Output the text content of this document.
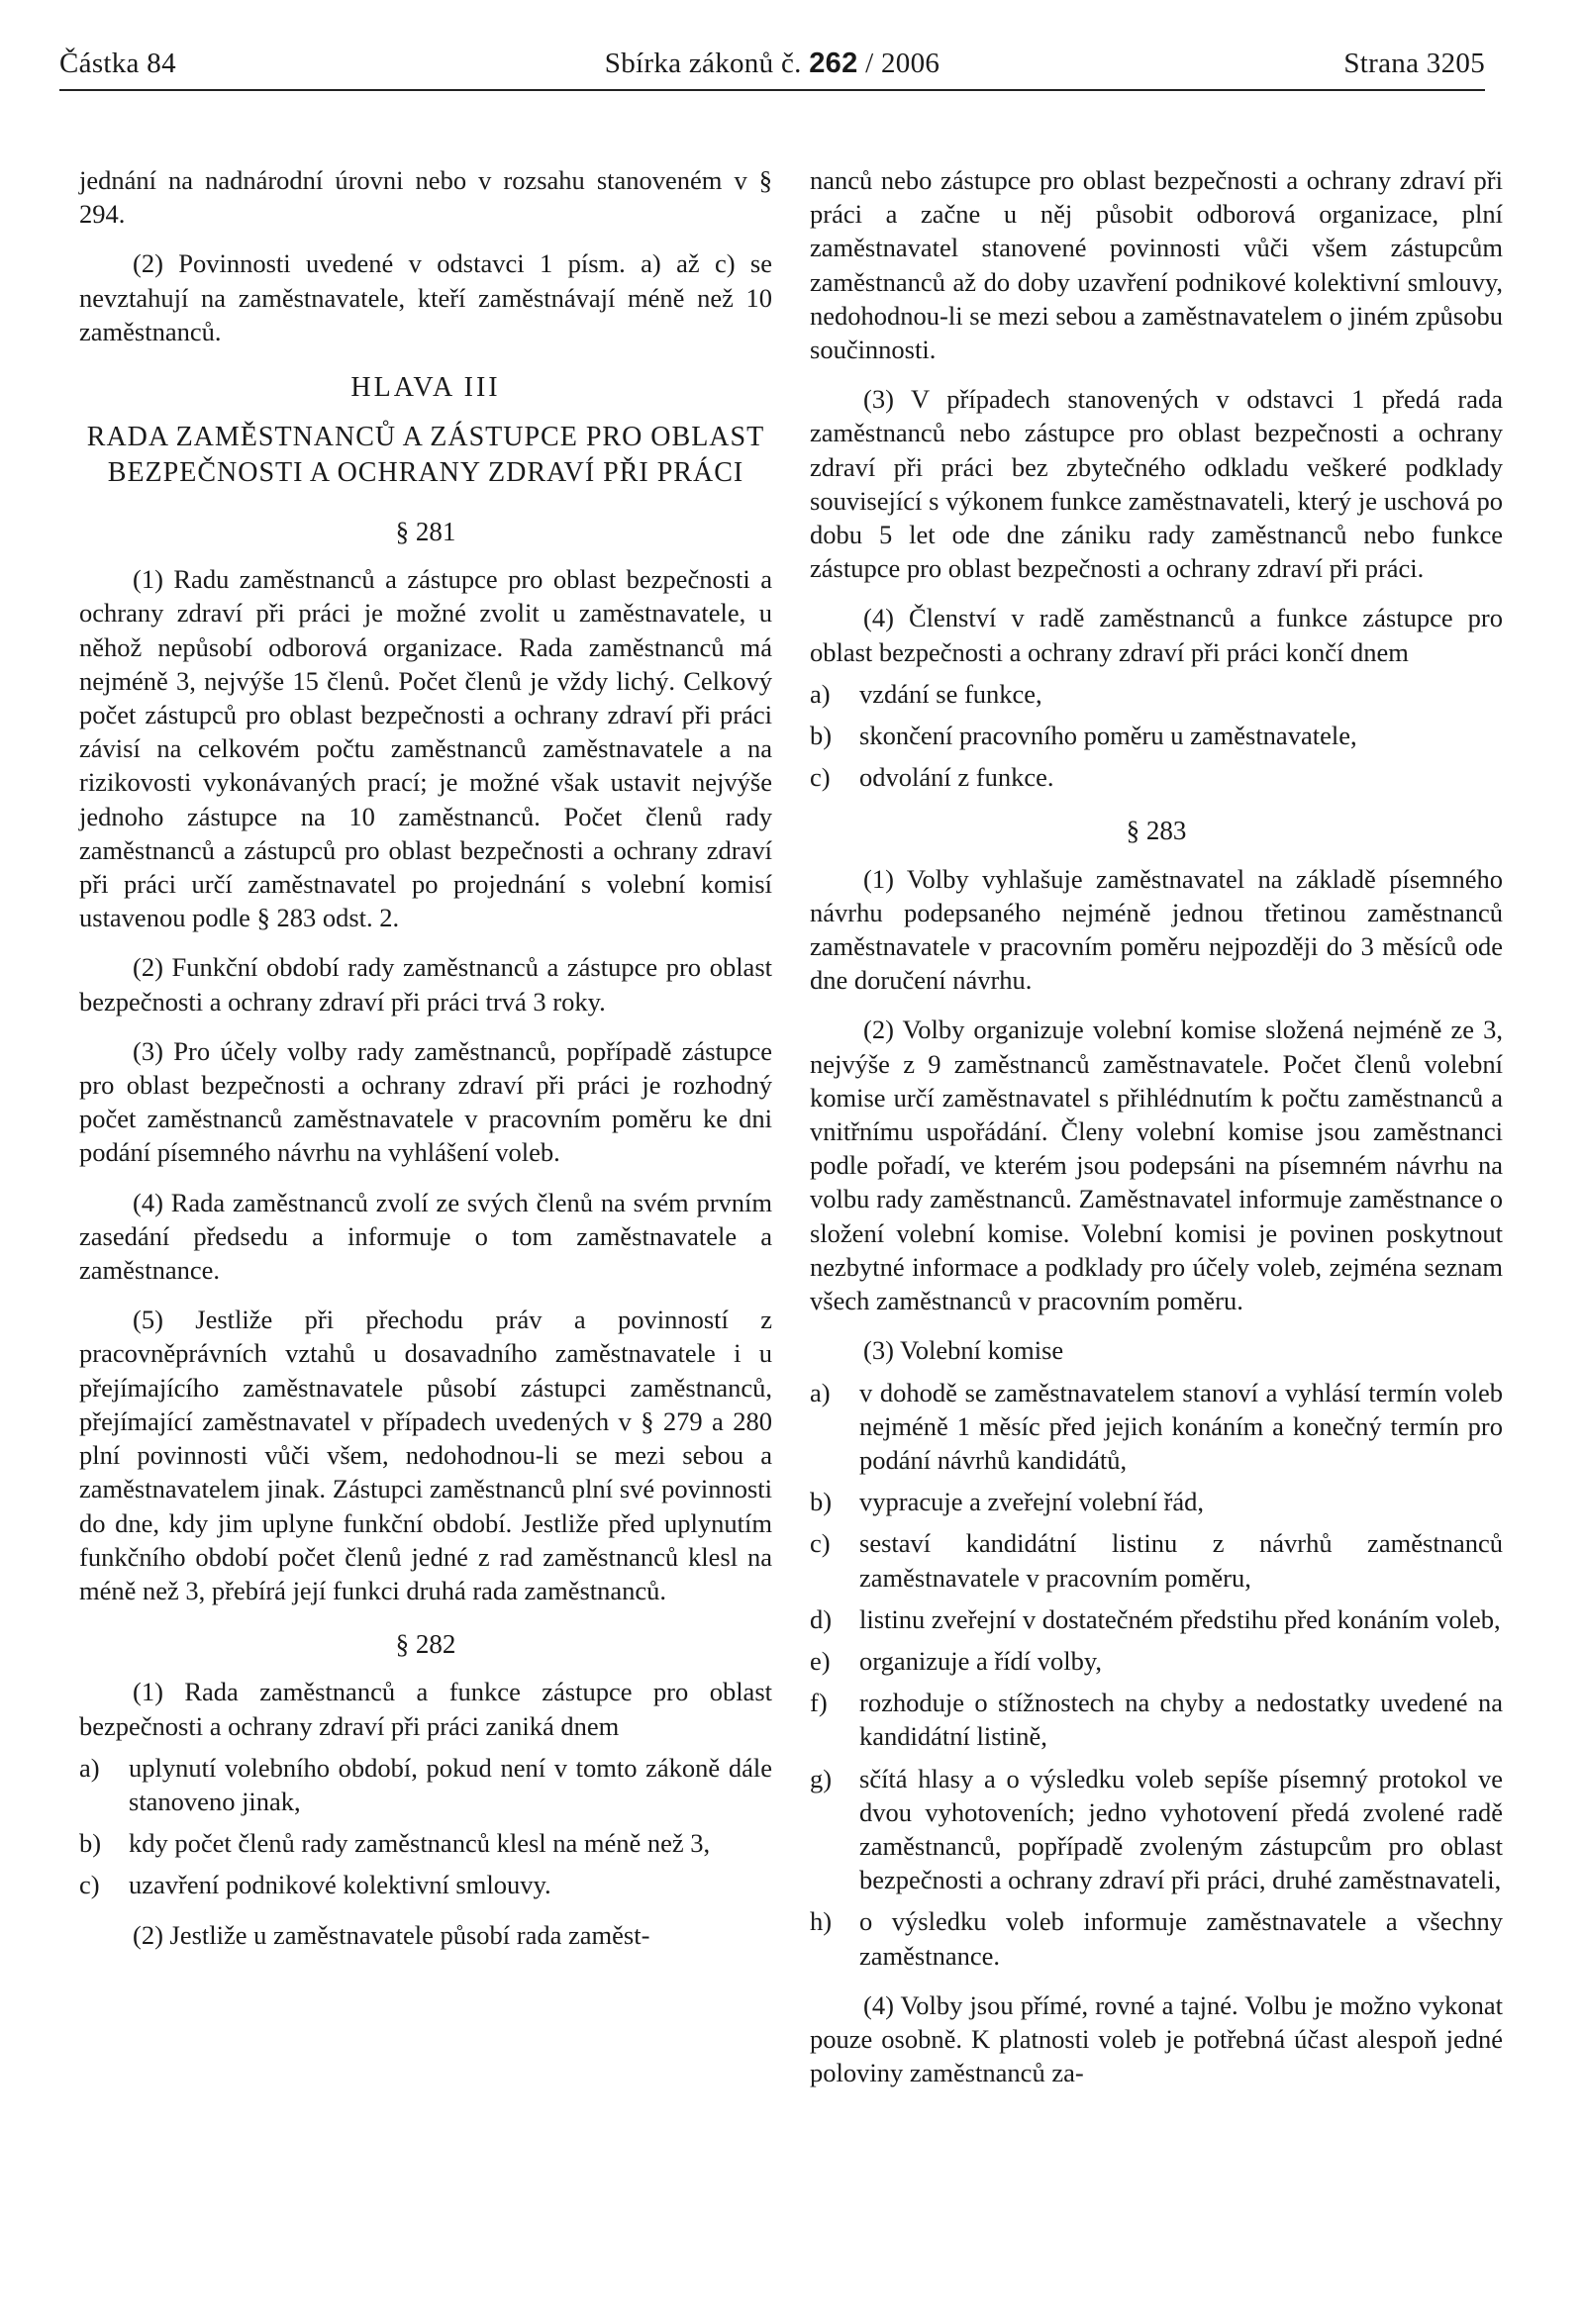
Částka 84	Sbírka zákonů č. 262 / 2006	Strana 3205

jednání na nadnárodní úrovni nebo v rozsahu stanoveném v § 294.

(2) Povinnosti uvedené v odstavci 1 písm. a) až c) se nevztahují na zaměstnavatele, kteří zaměstnávají méně než 10 zaměstnanců.

HLAVA III
RADA ZAMĚSTNANCŮ A ZÁSTUPCE PRO OBLAST BEZPEČNOSTI A OCHRANY ZDRAVÍ PŘI PRÁCI
§ 281

(1) Radu zaměstnanců a zástupce pro oblast bezpečnosti a ochrany zdraví při práci je možné zvolit u zaměstnavatele, u něhož nepůsobí odborová organizace. Rada zaměstnanců má nejméně 3, nejvýše 15 členů. Počet členů je vždy lichý. Celkový počet zástupců pro oblast bezpečnosti a ochrany zdraví při práci závisí na celkovém počtu zaměstnanců zaměstnavatele a na rizikovosti vykonávaných prací; je možné však ustavit nejvýše jednoho zástupce na 10 zaměstnanců. Počet členů rady zaměstnanců a zástupců pro oblast bezpečnosti a ochrany zdraví při práci určí zaměstnavatel po projednání s volební komisí ustavenou podle § 283 odst. 2.

(2) Funkční období rady zaměstnanců a zástupce pro oblast bezpečnosti a ochrany zdraví při práci trvá 3 roky.

(3) Pro účely volby rady zaměstnanců, popřípadě zástupce pro oblast bezpečnosti a ochrany zdraví při práci je rozhodný počet zaměstnanců zaměstnavatele v pracovním poměru ke dni podání písemného návrhu na vyhlášení voleb.

(4) Rada zaměstnanců zvolí ze svých členů na svém prvním zasedání předsedu a informuje o tom zaměstnavatele a zaměstnance.

(5) Jestliže při přechodu práv a povinností z pracovněprávních vztahů u dosavadního zaměstnavatele i u přejímajícího zaměstnavatele působí zástupci zaměstnanců, přejímající zaměstnavatel v případech uvedených v § 279 a 280 plní povinnosti vůči všem, nedohodnou-li se mezi sebou a zaměstnavatelem jinak. Zástupci zaměstnanců plní své povinnosti do dne, kdy jim uplyne funkční období. Jestliže před uplynutím funkčního období počet členů jedné z rad zaměstnanců klesl na méně než 3, přebírá její funkci druhá rada zaměstnanců.

§ 282

(1) Rada zaměstnanců a funkce zástupce pro oblast bezpečnosti a ochrany zdraví při práci zaniká dnem

a)	uplynutí volebního období, pokud není v tomto zákoně dále stanoveno jinak,
b)	kdy počet členů rady zaměstnanců klesl na méně než 3,
c)	uzavření podnikové kolektivní smlouvy.

(2) Jestliže u zaměstnavatele působí rada zaměst-

nanců nebo zástupce pro oblast bezpečnosti a ochrany zdraví při práci a začne u něj působit odborová organizace, plní zaměstnavatel stanovené povinnosti vůči všem zástupcům zaměstnanců až do doby uzavření podnikové kolektivní smlouvy, nedohodnou-li se mezi sebou a zaměstnavatelem o jiném způsobu součinnosti.

(3) V případech stanovených v odstavci 1 předá rada zaměstnanců nebo zástupce pro oblast bezpečnosti a ochrany zdraví při práci bez zbytečného odkladu veškeré podklady související s výkonem funkce zaměstnavateli, který je uschová po dobu 5 let ode dne zániku rady zaměstnanců nebo funkce zástupce pro oblast bezpečnosti a ochrany zdraví při práci.

(4) Členství v radě zaměstnanců a funkce zástupce pro oblast bezpečnosti a ochrany zdraví při práci končí dnem

a)	vzdání se funkce,
b)	skončení pracovního poměru u zaměstnavatele,
c)	odvolání z funkce.
§ 283

(1) Volby vyhlašuje zaměstnavatel na základě písemného návrhu podepsaného nejméně jednou třetinou zaměstnanců zaměstnavatele v pracovním poměru nejpozději do 3 měsíců ode dne doručení návrhu.

(2) Volby organizuje volební komise složená nejméně ze 3, nejvýše z 9 zaměstnanců zaměstnavatele. Počet členů volební komise určí zaměstnavatel s přihlédnutím k počtu zaměstnanců a vnitřnímu uspořádání. Členy volební komise jsou zaměstnanci podle pořadí, ve kterém jsou podepsáni na písemném návrhu na volbu rady zaměstnanců. Zaměstnavatel informuje zaměstnance o složení volební komise. Volební komisi je povinen poskytnout nezbytné informace a podklady pro účely voleb, zejména seznam všech zaměstnanců v pracovním poměru.

(3) Volební komise

a)	v dohodě se zaměstnavatelem stanoví a vyhlásí termín voleb nejméně 1 měsíc před jejich konáním a konečný termín pro podání návrhů kandidátů,
b)	vypracuje a zveřejní volební řád,
c)	sestaví kandidátní listinu z návrhů zaměstnanců zaměstnavatele v pracovním poměru,
d)	listinu zveřejní v dostatečném předstihu před konáním voleb,
e)	organizuje a řídí volby,
f)	rozhoduje o stížnostech na chyby a nedostatky uvedené na kandidátní listině,
g)	sčítá hlasy a o výsledku voleb sepíše písemný protokol ve dvou vyhotoveních; jedno vyhotovení předá zvolené radě zaměstnanců, popřípadě zvoleným zástupcům pro oblast bezpečnosti a ochrany zdraví při práci, druhé zaměstnavateli,
h)	o výsledku voleb informuje zaměstnavatele a všechny zaměstnance.

(4) Volby jsou přímé, rovné a tajné. Volbu je možno vykonat pouze osobně. K platnosti voleb je potřebná účast alespoň jedné poloviny zaměstnanců za-
